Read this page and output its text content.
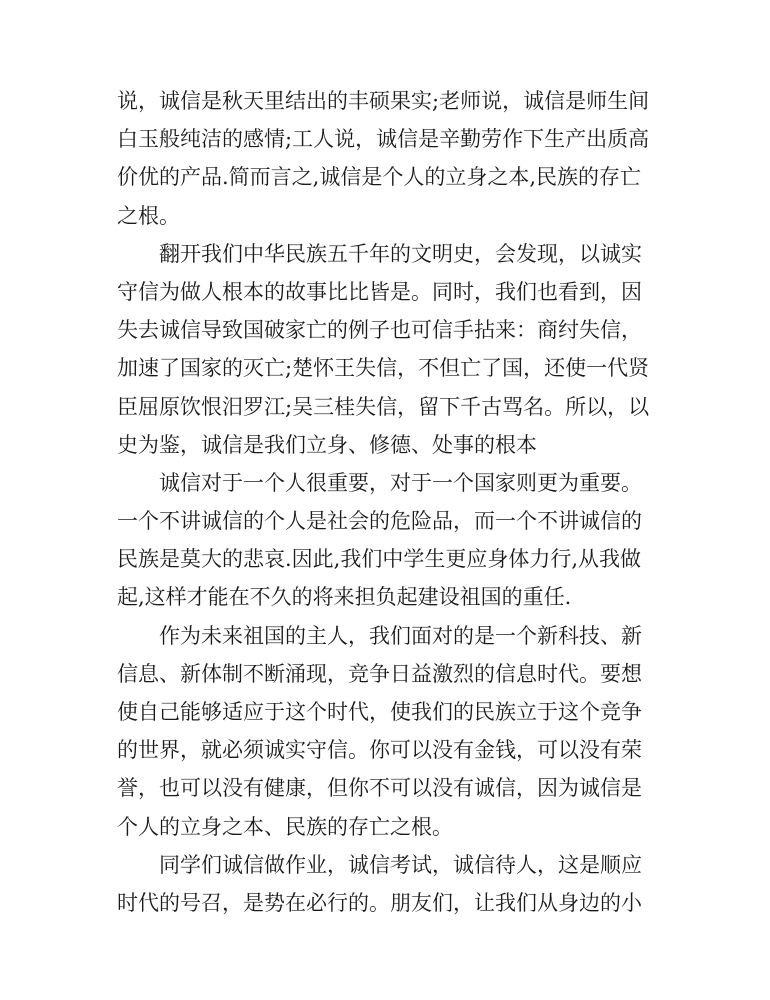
说，诚信是秋天里结出的丰硕果实;老师说，诚信是师生间
白玉般纯洁的感情;工人说，诚信是辛勤劳作下生产出质高
价优的产品.简而言之,诚信是个人的立身之本,民族的存亡
之根。
　　翻开我们中华民族五千年的文明史，会发现，以诚实
守信为做人根本的故事比比皆是。同时，我们也看到，因
失去诚信导致国破家亡的例子也可信手拈来：商纣失信，
加速了国家的灭亡;楚怀王失信，不但亡了国，还使一代贤
臣屈原饮恨汨罗江;吴三桂失信，留下千古骂名。所以，以
史为鉴，诚信是我们立身、修德、处事的根本
　　诚信对于一个人很重要，对于一个国家则更为重要。
一个不讲诚信的个人是社会的危险品，而一个不讲诚信的
民族是莫大的悲哀.因此,我们中学生更应身体力行,从我做
起,这样才能在不久的将来担负起建设祖国的重任.
　　作为未来祖国的主人，我们面对的是一个新科技、新
信息、新体制不断涌现，竞争日益激烈的信息时代。要想
使自己能够适应于这个时代，使我们的民族立于这个竞争
的世界，就必须诚实守信。你可以没有金钱，可以没有荣
誉，也可以没有健康，但你不可以没有诚信，因为诚信是
个人的立身之本、民族的存亡之根。
　　同学们诚信做作业，诚信考试，诚信待人，这是顺应
时代的号召，是势在必行的。朋友们，让我们从身边的小
